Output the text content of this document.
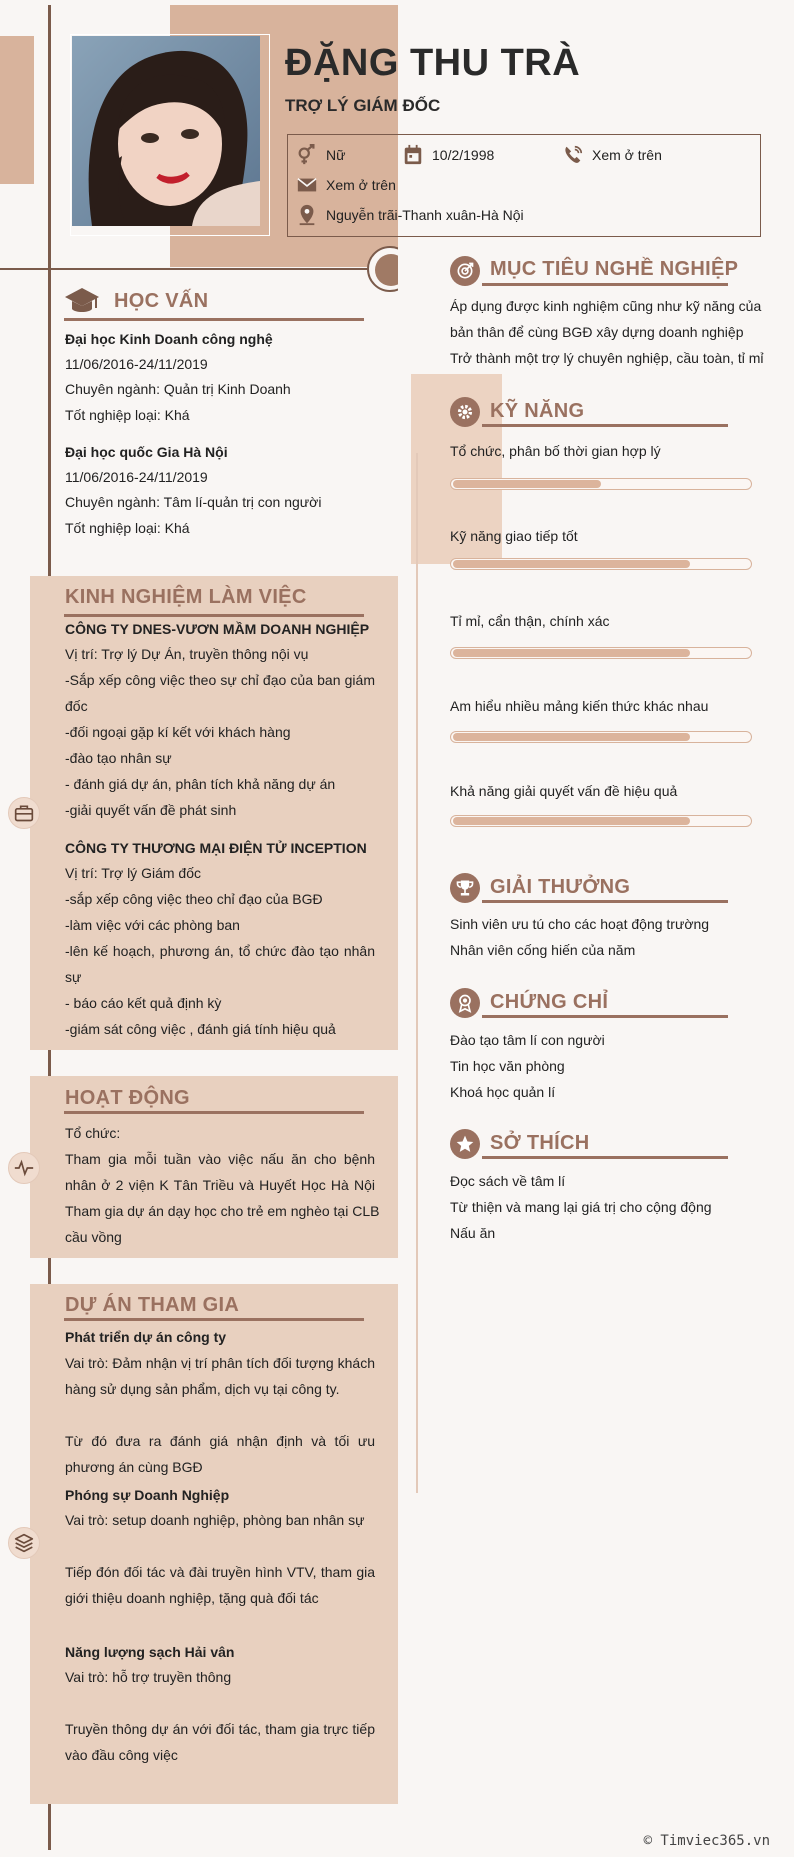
ĐẶNG THU TRÀ
TRỢ LÝ GIÁM ĐỐC
Nữ	10/2/1998	Xem ở trên
Xem ở trên
Nguyễn trãi-Thanh xuân-Hà Nội
HỌC VẤN
Đại học Kinh Doanh công nghệ
11/06/2016-24/11/2019
Chuyên ngành: Quản trị Kinh Doanh
Tốt nghiệp loại: Khá
Đại học quốc Gia Hà Nội
11/06/2016-24/11/2019
Chuyên ngành: Tâm lí-quản trị con người
Tốt nghiệp loại: Khá
KINH NGHIỆM LÀM VIỆC
CÔNG TY DNES-VƯƠN MẦM DOANH NGHIỆP
Vị trí: Trợ lý Dự Án, truyền thông nội vụ
-Sắp xếp công việc theo sự chỉ đạo của ban giám
đốc
-đối ngoại gặp kí kết với khách hàng
-đào tạo nhân sự
- đánh giá dự án, phân tích khả năng dự án
-giải quyết vấn đề phát sinh
CÔNG TY THƯƠNG MẠI ĐIỆN TỬ INCEPTION
Vị trí: Trợ lý Giám đốc
-sắp xếp công việc theo chỉ đạo của BGĐ
-làm việc với các phòng ban
-lên kế hoạch, phương án, tổ chức đào tạo nhân
sự
- báo cáo kết quả định kỳ
-giám sát công việc , đánh giá tính hiệu quả
HOẠT ĐỘNG
Tổ chức:
Tham gia mỗi tuần vào việc nấu ăn cho bệnh
nhân ở 2 viện K Tân Triều và Huyết Học Hà Nội
Tham gia dự án dạy học cho trẻ em nghèo tại CLB
cầu vồng
DỰ ÁN THAM GIA
Phát triển dự án công ty
Vai trò: Đảm nhận vị trí phân tích đối tượng khách
hàng sử dụng sản phẩm, dịch vụ tại công ty.
Từ đó đưa ra đánh giá nhận định và tối ưu
phương án cùng BGĐ
Phóng sự Doanh Nghiệp
Vai trò: setup doanh nghiệp, phòng ban nhân sự
Tiếp đón đối tác và đài truyền hình VTV, tham gia
giới thiệu doanh nghiệp, tặng quà đối tác
Năng lượng sạch Hải vân
Vai trò: hỗ trợ truyền thông
Truyền thông dự án với đối tác, tham gia trực tiếp
vào đầu công việc
MỤC TIÊU NGHỀ NGHIỆP
Áp dụng được kinh nghiệm cũng như kỹ năng của
bản thân để cùng BGĐ xây dựng doanh nghiệp
Trở thành một trợ lý chuyên nghiệp, cầu toàn, tỉ mỉ
KỸ NĂNG
Tổ chức, phân bố thời gian hợp lý
Kỹ năng giao tiếp tốt
Tỉ mỉ, cẩn thận, chính xác
Am hiểu nhiều mảng kiến thức khác nhau
Khả năng giải quyết vấn đề hiệu quả
GIẢI THƯỞNG
Sinh viên ưu tú cho các hoạt động trường
Nhân viên cống hiến của năm
CHỨNG CHỈ
Đào tạo tâm lí con người
Tin học văn phòng
Khoá học quản lí
SỞ THÍCH
Đọc sách về tâm lí
Từ thiện và mang lại giá trị cho cộng động
Nấu ăn
© Timviec365.vn
